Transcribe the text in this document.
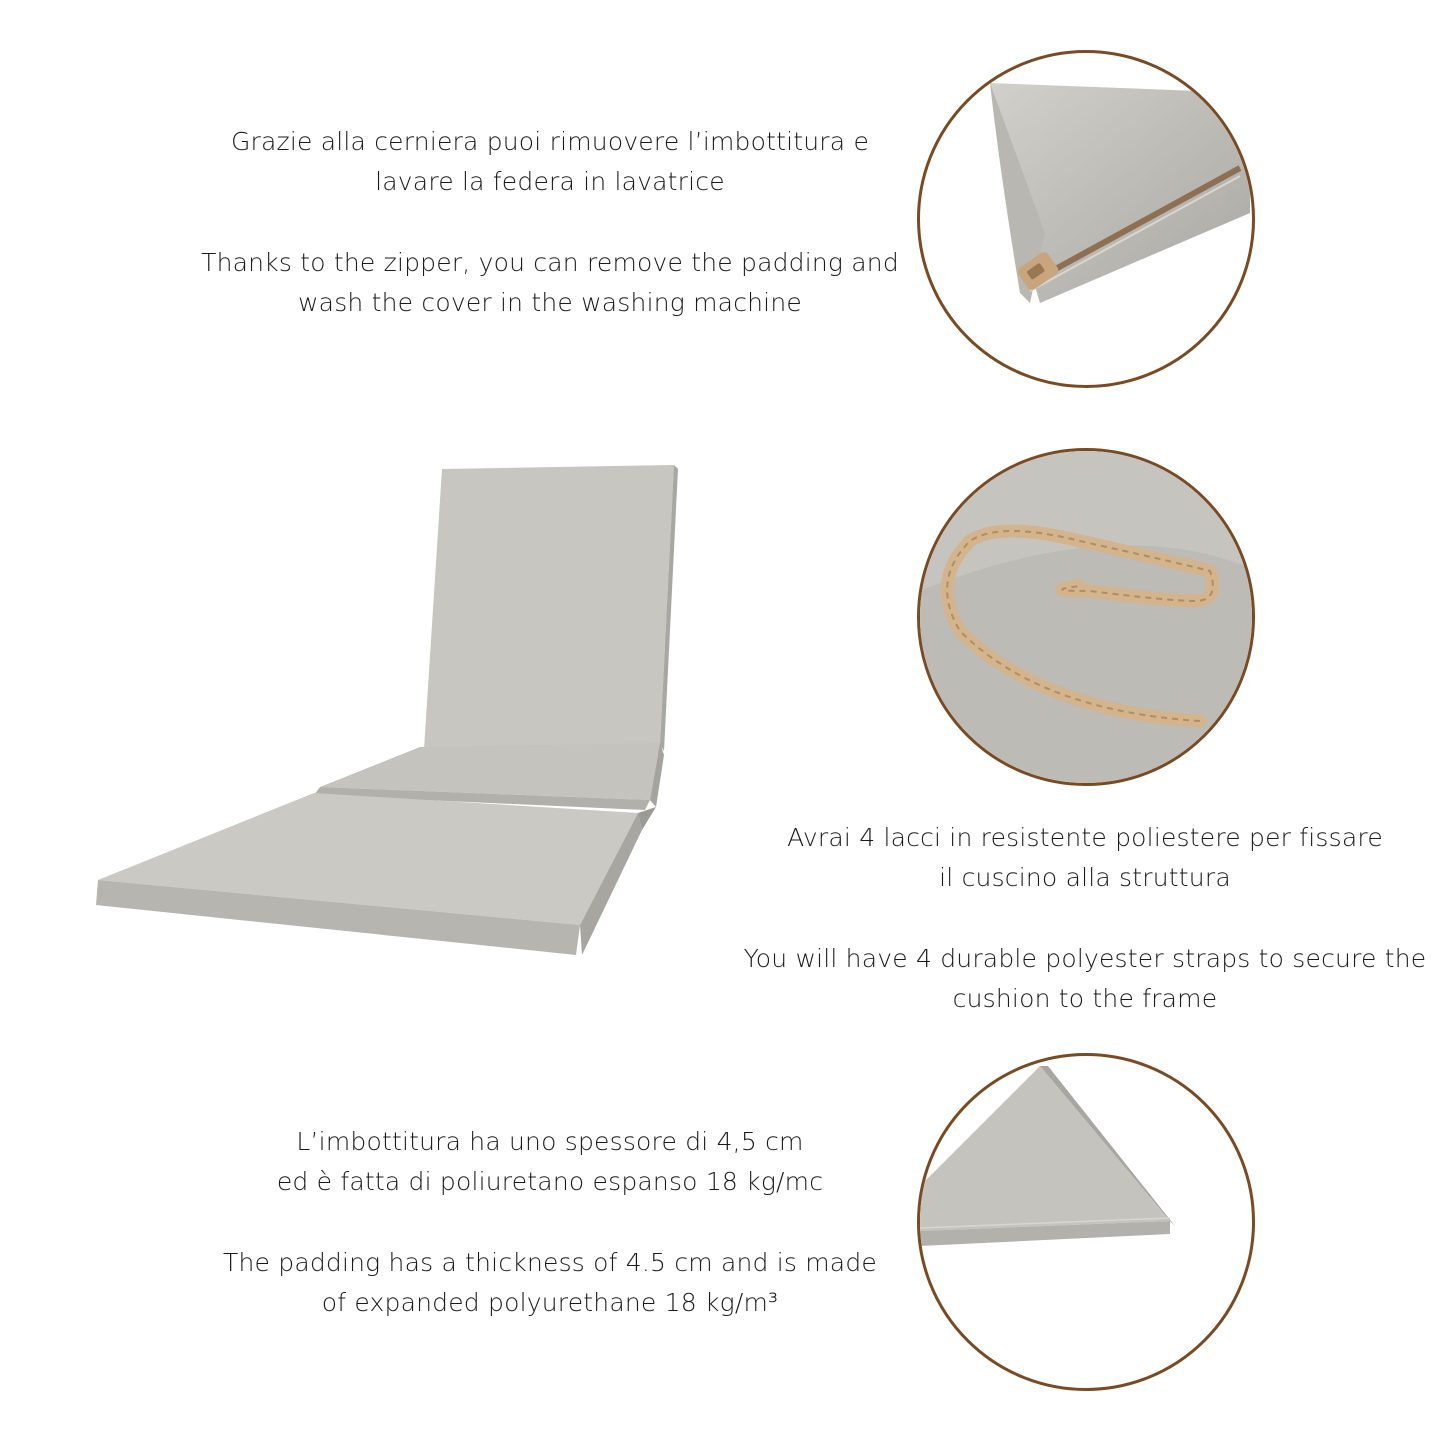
Grazie alla cerniera puoi rimuovere l’imbottitura e

lavare la federa in lavatrice

Thanks to the zipper, you can remove the padding and

wash the cover in the washing machine

Avrai 4 lacci in resistente poliestere per fissare

il cuscino alla struttura

You will have 4 durable polyester straps to secure the

cushion to the frame

L’imbottitura ha uno spessore di 4,5 cm

ed è fatta di poliuretano espanso 18 kg/mc

The padding has a thickness of 4.5 cm and is made

of expanded polyurethane 18 kg/m³
